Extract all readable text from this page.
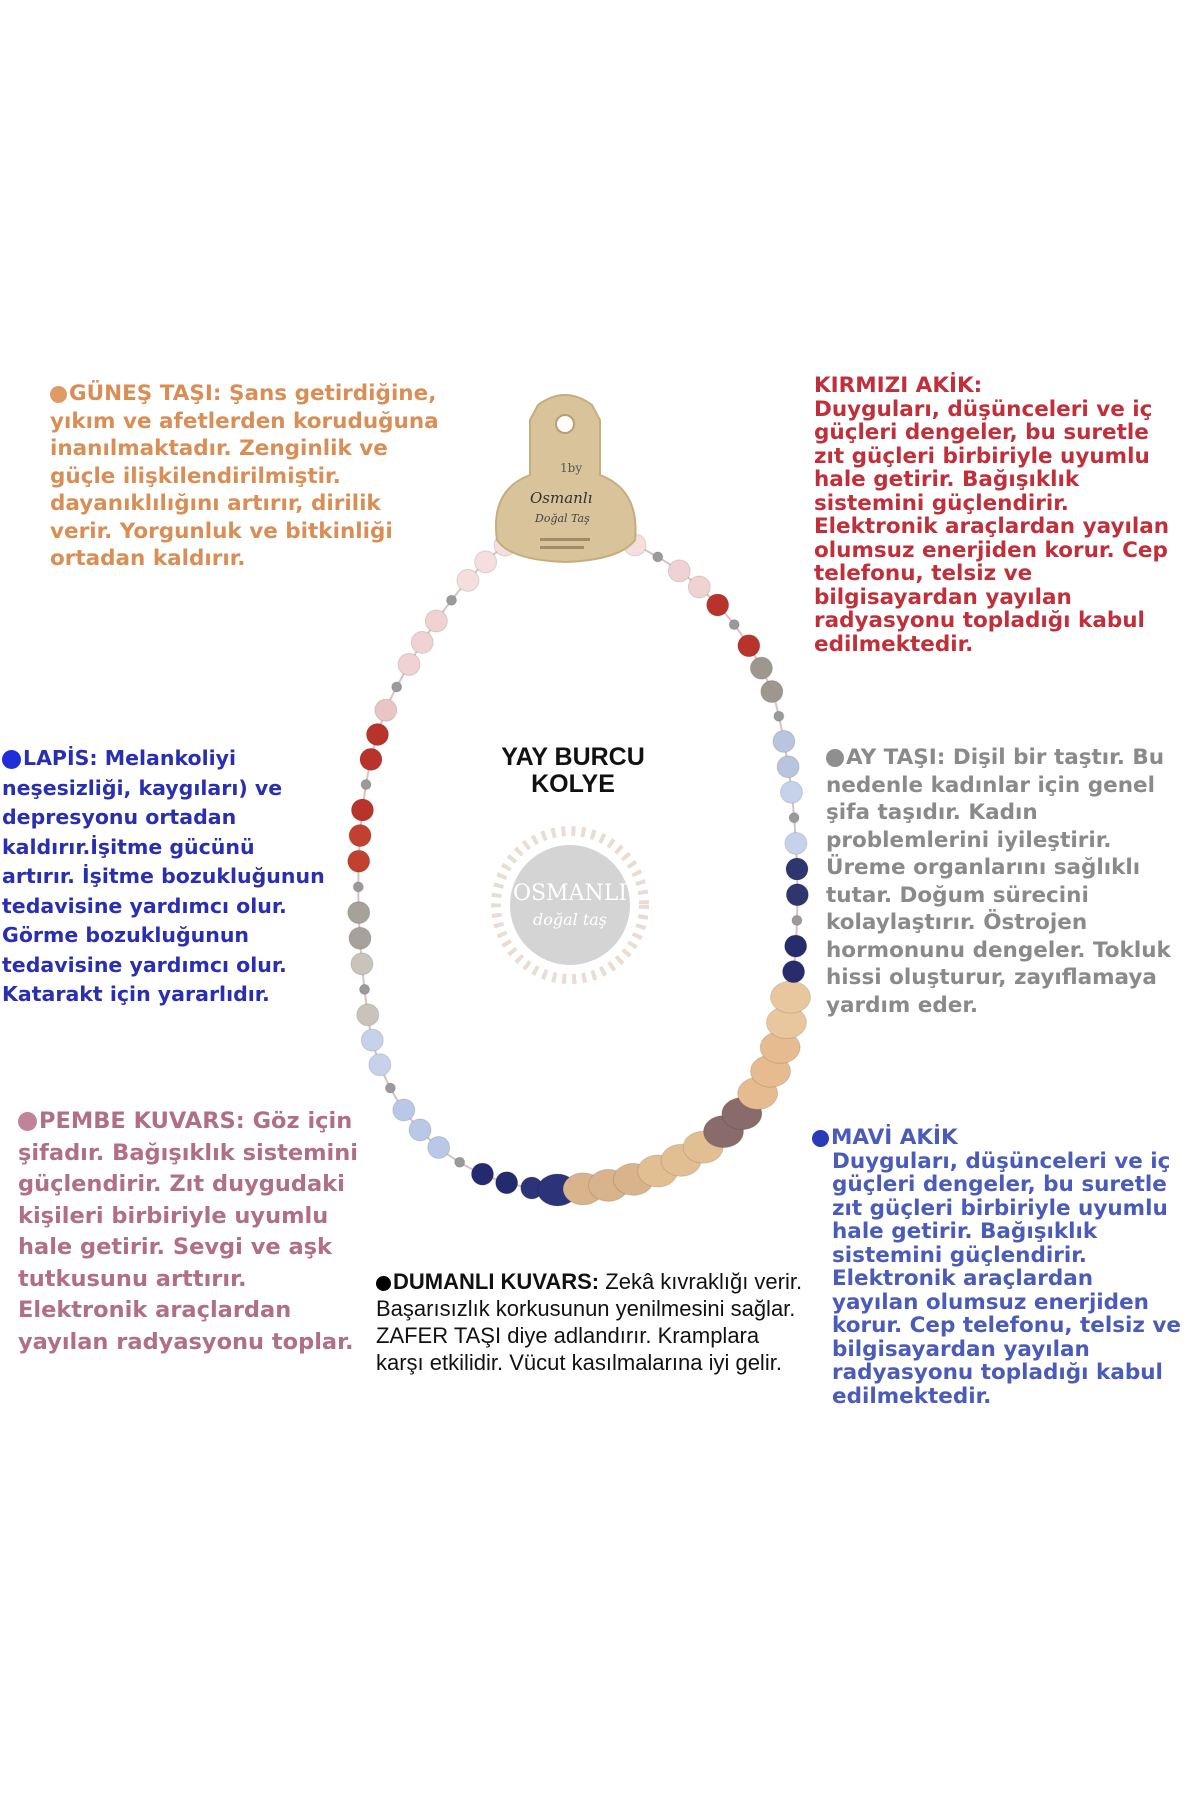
1by
Osmanlı
Doğal Taş
OSMANLI
doğal taş
YAY BURCU
KOLYE
GÜNEŞ TAŞI: Şans getirdiğine, yıkım ve afetlerden koruduğuna inanılmaktadır. Zenginlik ve güçle ilişkilendirilmiştir. dayanıklılığını artırır, dirilik verir. Yorgunluk ve bitkinliği ortadan kaldırır.
KIRMIZI AKİK:
Duyguları, düşünceleri ve iç güçleri dengeler, bu suretle zıt güçleri birbiriyle uyumlu hale getirir. Bağışıklık sistemini güçlendirir. Elektronik araçlardan yayılan olumsuz enerjiden korur. Cep telefonu, telsiz ve bilgisayardan yayılan radyasyonu topladığı kabul edilmektedir.
LAPİS: Melankoliyi neşesizliği, kaygıları) ve depresyonu ortadan kaldırır.İşitme gücünü artırır. İşitme bozukluğunun tedavisine yardımcı olur. Görme bozukluğunun tedavisine yardımcı olur. Katarakt için yararlıdır.
AY TAŞI: Dişil bir taştır. Bu nedenle kadınlar için genel şifa taşıdır. Kadın problemlerini iyileştirir. Üreme organlarını sağlıklı tutar. Doğum sürecini kolaylaştırır. Östrojen hormonunu dengeler. Tokluk hissi oluşturur, zayıflamaya yardım eder.
PEMBE KUVARS: Göz için şifadır. Bağışıklık sistemini güçlendirir. Zıt duygudaki kişileri birbiriyle uyumlu hale getirir. Sevgi ve aşk tutkusunu arttırır. Elektronik araçlardan yayılan radyasyonu toplar.
MAVİ AKİK
Duyguları, düşünceleri ve iç güçleri dengeler, bu suretle zıt güçleri birbiriyle uyumlu hale getirir. Bağışıklık sistemini güçlendirir. Elektronik araçlardan yayılan olumsuz enerjiden korur. Cep telefonu, telsiz ve bilgisayardan yayılan radyasyonu topladığı kabul edilmektedir.
DUMANLI KUVARS: Zekâ kıvraklığı verir. Başarısızlık korkusunun yenilmesini sağlar. ZAFER TAŞI diye adlandırır. Kramplara karşı etkilidir. Vücut kasılmalarına iyi gelir.
